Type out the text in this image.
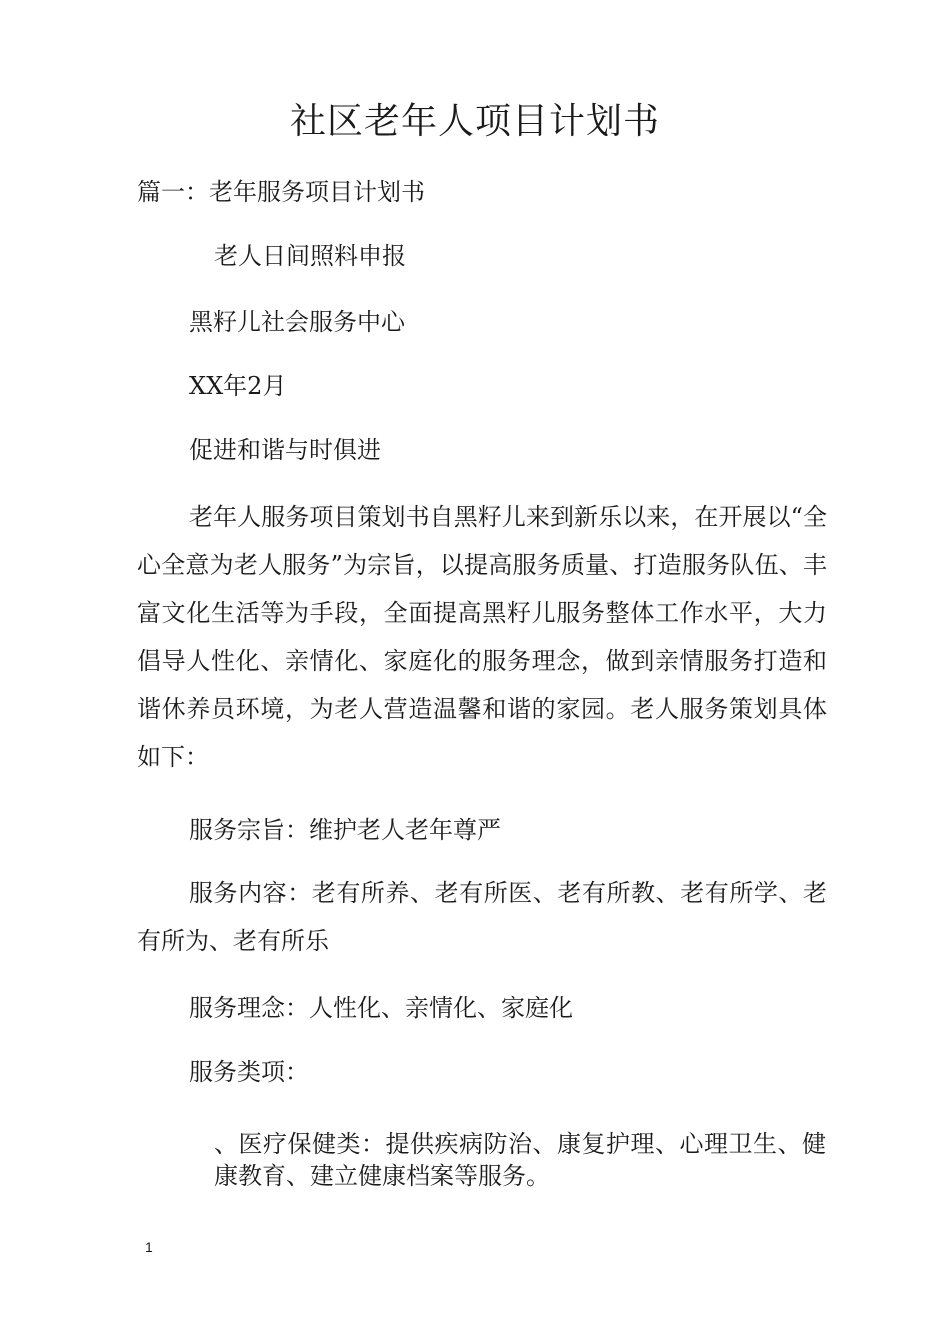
社区老年人项目计划书
篇一：老年服务项目计划书
老人日间照料申报
黑籽儿社会服务中心
XX年2月
促进和谐与时俱进

老年人服务项目策划书自黑籽儿来到新乐以来，在开展以“全心全意为老人服务”为宗旨，以提高服务质量、打造服务队伍、丰富文化生活等为手段，全面提高黑籽儿服务整体工作水平，大力倡导人性化、亲情化、家庭化的服务理念，做到亲情服务打造和谐休养员环境，为老人营造温馨和谐的家园。老人服务策划具体如下：

服务宗旨：维护老人老年尊严

服务内容：老有所养、老有所医、老有所教、老有所学、老有所为、老有所乐

服务理念：人性化、亲情化、家庭化
服务类项：

、医疗保健类：提供疾病防治、康复护理、心理卫生、健康教育、建立健康档案等服务。

1
